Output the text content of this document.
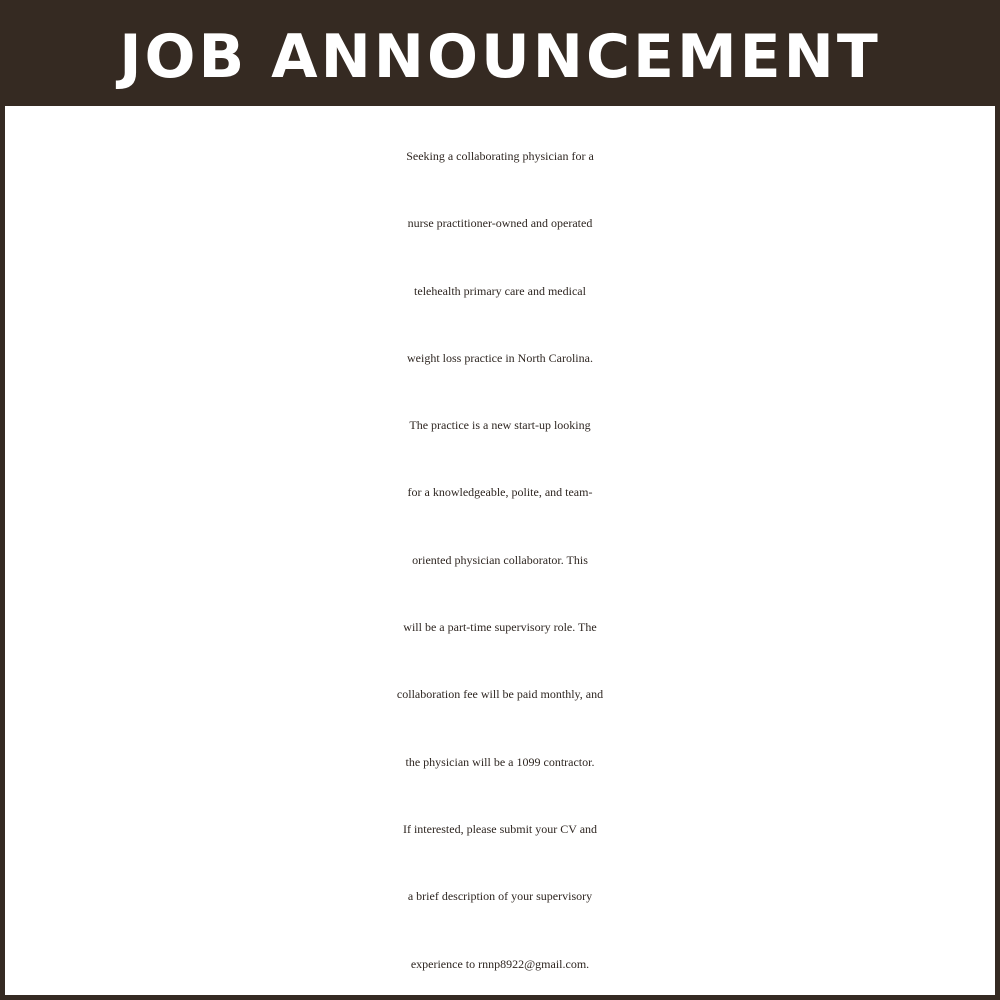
JOB ANNOUNCEMENT
Seeking a collaborating physician for a
nurse practitioner-owned and operated
telehealth primary care and medical
weight loss practice in North Carolina.
The practice is a new start-up looking
for a knowledgeable, polite, and team-
oriented physician collaborator. This
will be a part-time supervisory role. The
collaboration fee will be paid monthly, and
the physician will be a 1099 contractor.
If interested, please submit your CV and
a brief description of your supervisory
experience to rnnp8922@gmail.com.
